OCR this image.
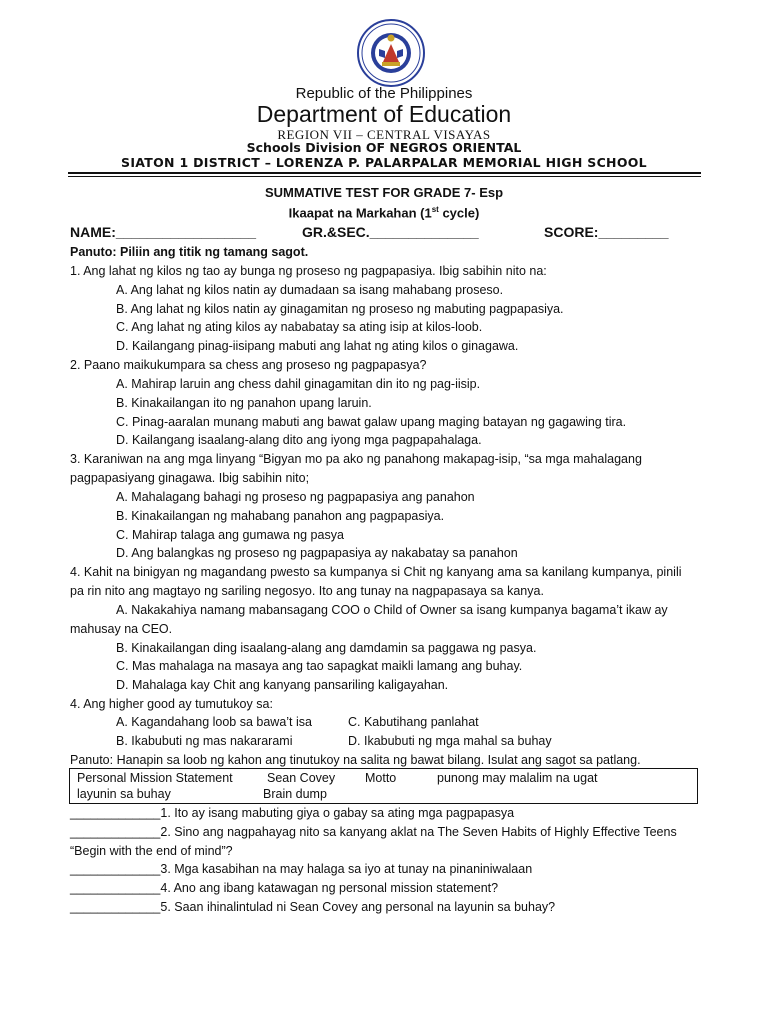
Republic of the Philippines
Department of Education
REGION VII – CENTRAL VISAYAS
Schools Division OF NEGROS ORIENTAL
SIATON 1 DISTRICT – LORENZA P. PALARPALAR MEMORIAL HIGH SCHOOL
SUMMATIVE TEST FOR GRADE 7- Esp
Ikaapat na Markahan (1st cycle)
NAME:__________________	GR.&SEC.______________	SCORE:_________
Panuto: Piliin ang titik ng tamang sagot.
1. Ang lahat ng kilos ng tao ay bunga ng proseso ng pagpapasiya. Ibig sabihin nito na:
A. Ang lahat ng kilos natin ay dumadaan sa isang mahabang proseso.
B. Ang lahat ng kilos natin ay ginagamitan ng proseso ng mabuting pagpapasiya.
C. Ang lahat ng ating kilos ay nababatay sa ating isip at kilos-loob.
D. Kailangang pinag-iisipang mabuti ang lahat ng ating kilos o ginagawa.
2. Paano maikukumpara sa chess ang proseso ng pagpapasya?
A. Mahirap laruin ang chess dahil ginagamitan din ito ng pag-iisip.
B. Kinakailangan ito ng panahon upang laruin.
C. Pinag-aaralan munang mabuti ang bawat galaw upang maging batayan ng gagawing tira.
D. Kailangang isaalang-alang dito ang iyong mga pagpapahalaga.
3. Karaniwan na ang mga linyang “Bigyan mo pa ako ng panahong makapag-isip, “sa mga mahalagang
pagpapasiyang ginagawa. Ibig sabihin nito;
A. Mahalagang bahagi ng proseso ng pagpapasiya ang panahon
B. Kinakailangan ng mahabang panahon ang pagpapasiya.
C. Mahirap talaga ang gumawa ng pasya
D. Ang balangkas ng proseso ng pagpapasiya ay nakabatay sa panahon
4. Kahit na binigyan ng magandang pwesto sa kumpanya si Chit ng kanyang ama sa kanilang kumpanya, pinili
pa rin nito ang magtayo ng sariling negosyo. Ito ang tunay na nagpapasaya sa kanya.
A. Nakakahiya namang mabansagang COO o Child of Owner sa isang kumpanya bagama’t ikaw ay
mahusay na CEO.
B. Kinakailangan ding isaalang-alang ang damdamin sa paggawa ng pasya.
C. Mas mahalaga na masaya ang tao sapagkat maikli lamang ang buhay.
D. Mahalaga kay Chit ang kanyang pansariling kaligayahan.
4. Ang higher good ay tumutukoy sa:
A. Kagandahang loob sa bawa’t isa	C. Kabutihang panlahat
B. Ikabubuti ng mas nakararami	D. Ikabubuti ng mga mahal sa buhay
Panuto: Hanapin sa loob ng kahon ang tinutukoy na salita ng bawat bilang. Isulat ang sagot sa patlang.
Personal Mission Statement	Sean Covey Motto	punong may malalim na ugat
layunin sa buhay	Brain dump
_____________1. Ito ay isang mabuting giya o gabay sa ating mga pagpapasya
_____________2. Sino ang nagpahayag nito sa kanyang aklat na The Seven Habits of Highly Effective Teens
“Begin with the end of mind”?
_____________3. Mga kasabihan na may halaga sa iyo at tunay na pinaniniwalaan
_____________4. Ano ang ibang katawagan ng personal mission statement?
_____________5. Saan ihinalintulad ni Sean Covey ang personal na layunin sa buhay?
